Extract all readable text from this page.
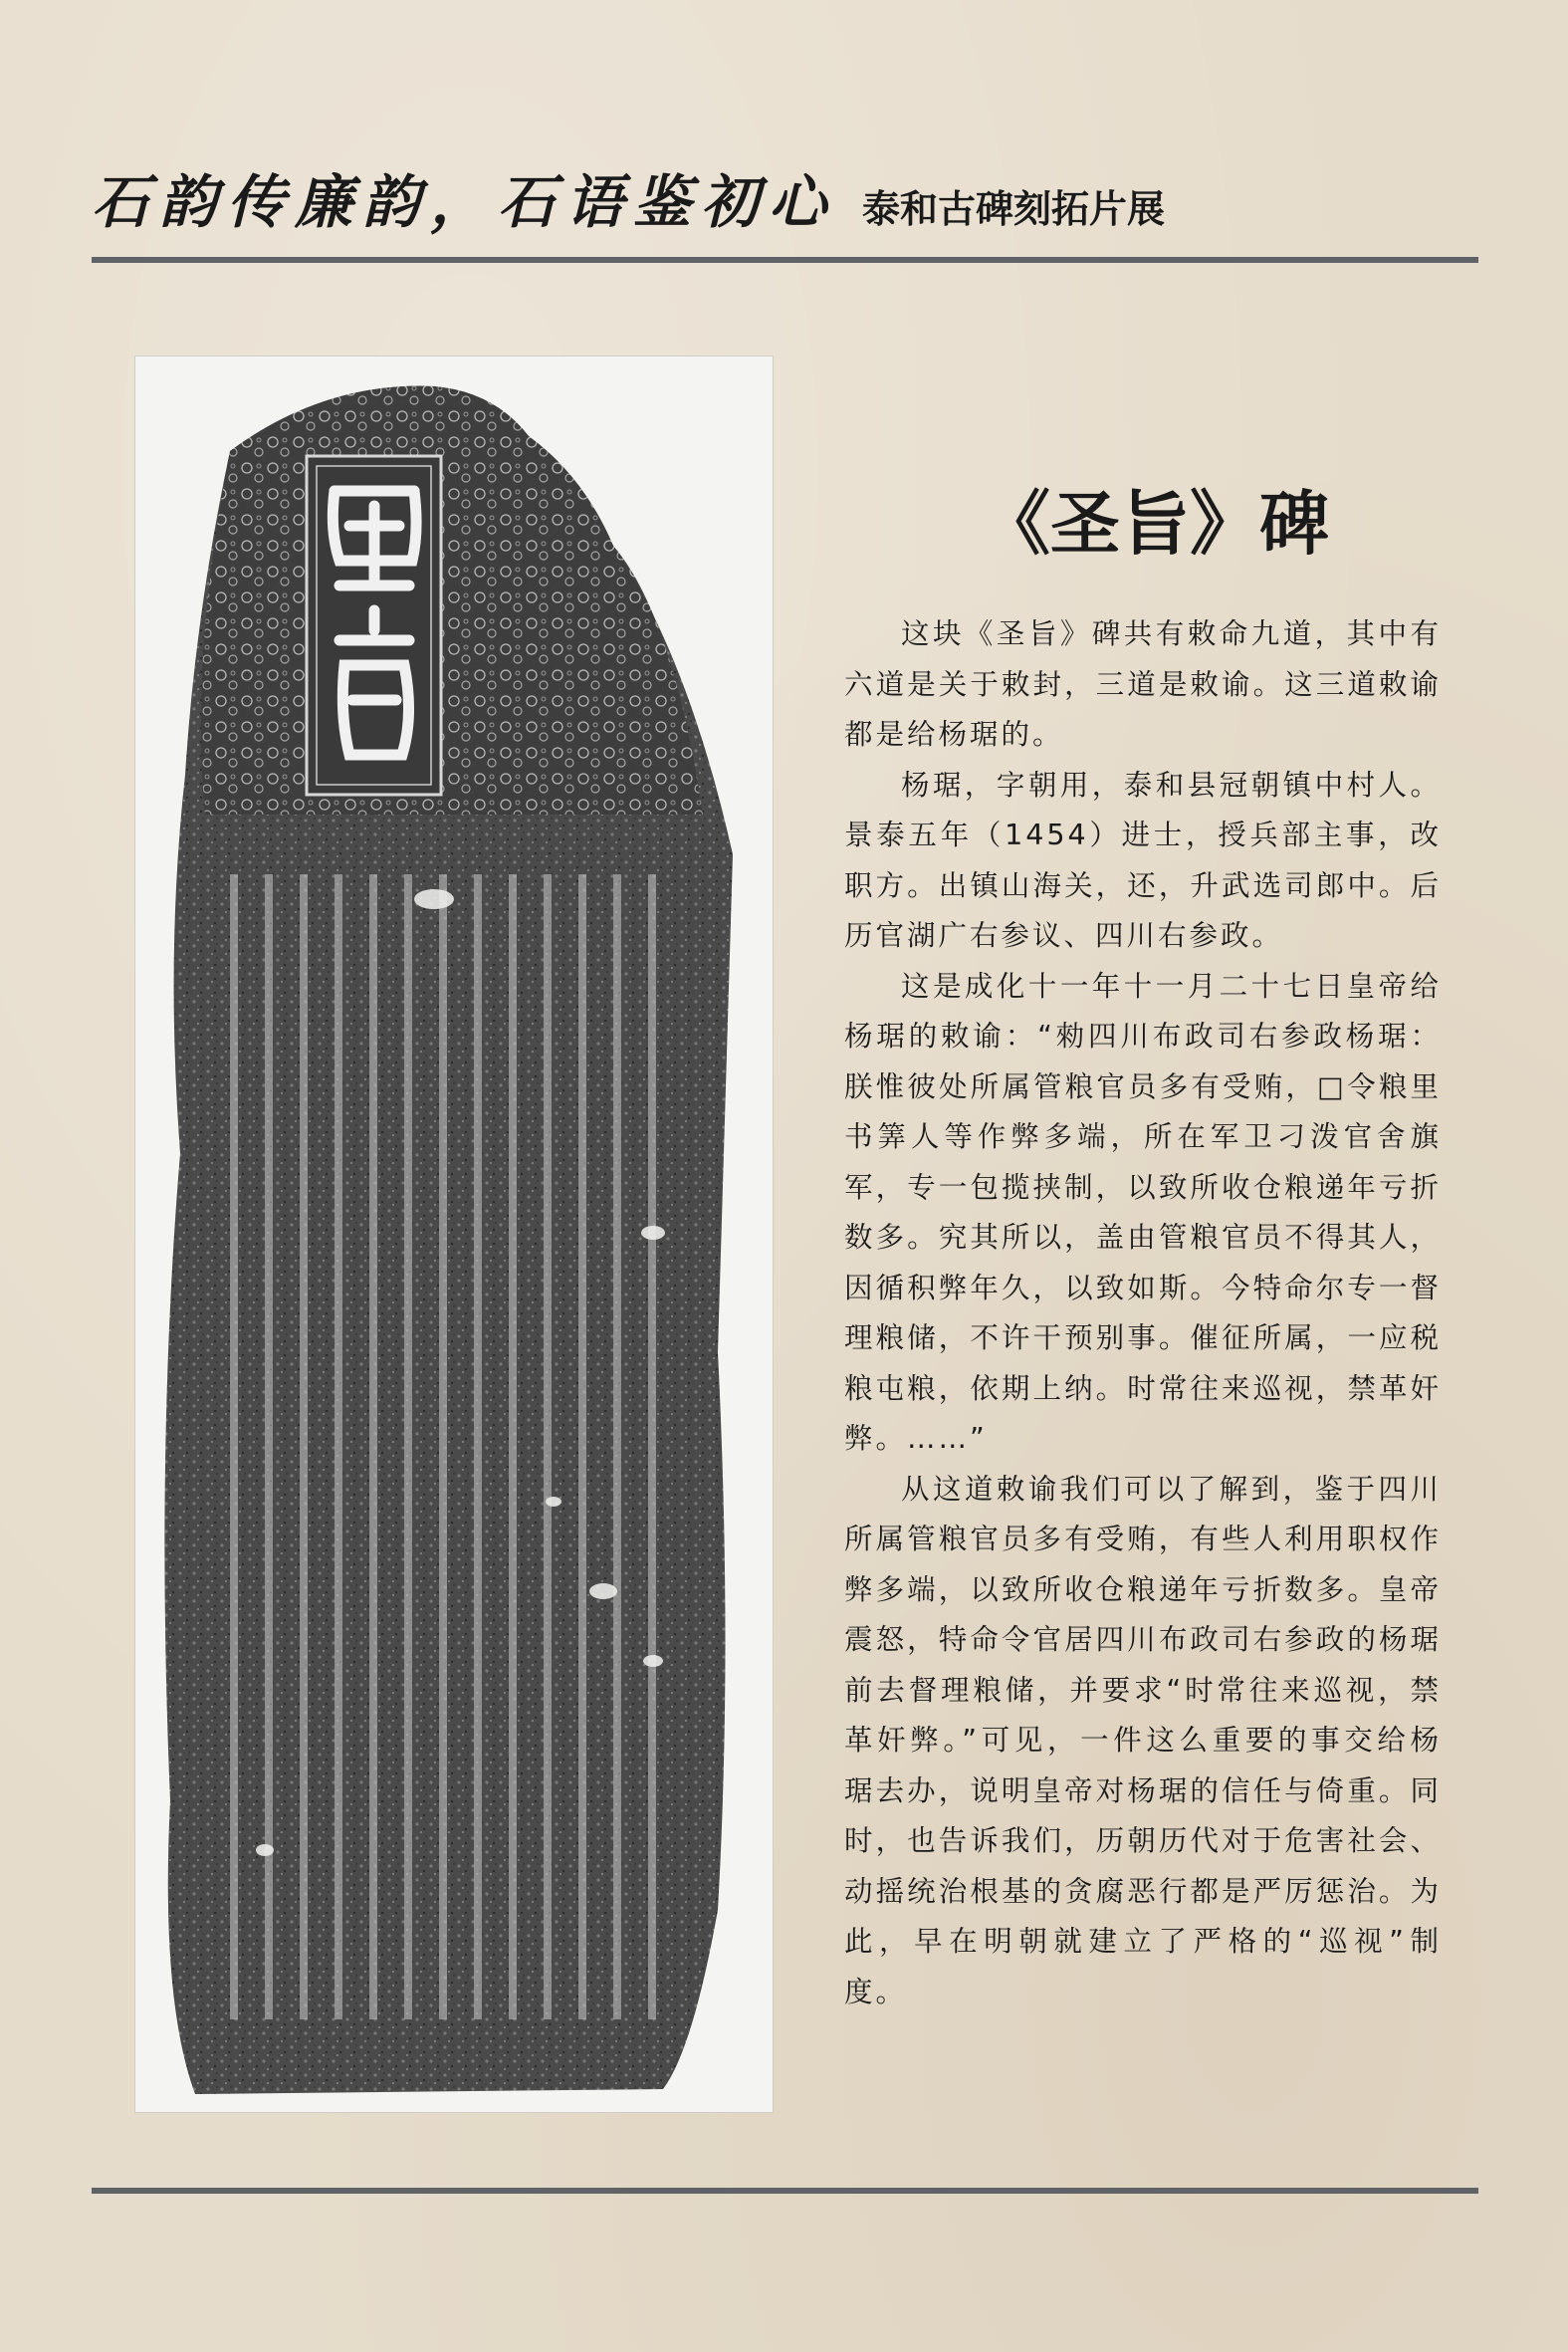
石韵传廉韵，石语鉴初心 泰和古碑刻拓片展
《圣旨》碑

这块《圣旨》碑共有敕命九道，其中有六道是关于敕封，三道是敕谕。这三道敕谕都是给杨琚的。

杨琚，字朝用，泰和县冠朝镇中村人。景泰五年（1454）进士，授兵部主事，改职方。出镇山海关，还，升武选司郎中。后历官湖广右参议、四川右参政。

这是成化十一年十一月二十七日皇帝给杨琚的敕谕：“勑四川布政司右参政杨琚：朕惟彼处所属管粮官员多有受贿，□令粮里书筭人等作弊多端，所在军卫刁泼官舍旗军，专一包揽挟制，以致所收仓粮递年亏折数多。究其所以，盖由管粮官员不得其人，因循积弊年久，以致如斯。今特命尔专一督理粮储，不许干预别事。催征所属，一应税粮屯粮，依期上纳。时常往来巡视，禁革奸弊。……”

从这道敕谕我们可以了解到，鉴于四川所属管粮官员多有受贿，有些人利用职权作弊多端，以致所收仓粮递年亏折数多。皇帝震怒，特命令官居四川布政司右参政的杨琚前去督理粮储，并要求“时常往来巡视，禁革奸弊。”可见，一件这么重要的事交给杨琚去办，说明皇帝对杨琚的信任与倚重。同时，也告诉我们，历朝历代对于危害社会、动摇统治根基的贪腐恶行都是严厉惩治。为此，早在明朝就建立了严格的“巡视”制度。
